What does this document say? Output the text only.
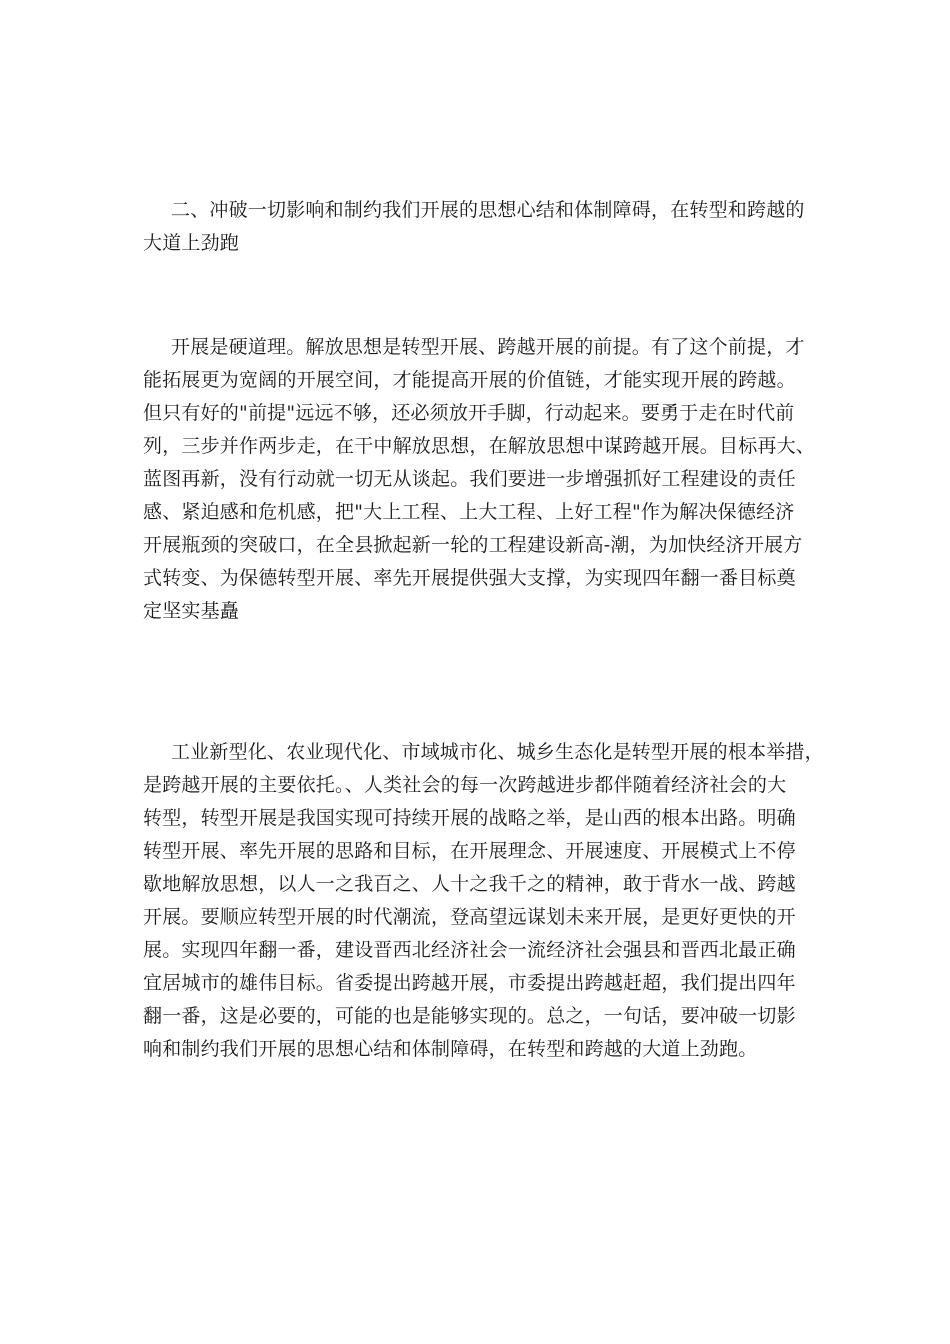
二、冲破一切影响和制约我们开展的思想心结和体制障碍，在转型和跨越的
大道上劲跑
开展是硬道理。解放思想是转型开展、跨越开展的前提。有了这个前提，才
能拓展更为宽阔的开展空间，才能提高开展的价值链，才能实现开展的跨越。
但只有好的"前提"远远不够，还必须放开手脚，行动起来。要勇于走在时代前
列，三步并作两步走，在干中解放思想，在解放思想中谋跨越开展。目标再大、
蓝图再新，没有行动就一切无从谈起。我们要进一步增强抓好工程建设的责任
感、紧迫感和危机感，把"大上工程、上大工程、上好工程"作为解决保德经济
开展瓶颈的突破口，在全县掀起新一轮的工程建设新高-潮，为加快经济开展方
式转变、为保德转型开展、率先开展提供强大支撑，为实现四年翻一番目标奠
定坚实基矗
工业新型化、农业现代化、市域城市化、城乡生态化是转型开展的根本举措，
是跨越开展的主要依托。、人类社会的每一次跨越进步都伴随着经济社会的大
转型，转型开展是我国实现可持续开展的战略之举，是山西的根本出路。明确
转型开展、率先开展的思路和目标，在开展理念、开展速度、开展模式上不停
歇地解放思想，以人一之我百之、人十之我千之的精神，敢于背水一战、跨越
开展。要顺应转型开展的时代潮流，登高望远谋划未来开展，是更好更快的开
展。实现四年翻一番，建设晋西北经济社会一流经济社会强县和晋西北最正确
宜居城市的雄伟目标。省委提出跨越开展，市委提出跨越赶超，我们提出四年
翻一番，这是必要的，可能的也是能够实现的。总之，一句话，要冲破一切影
响和制约我们开展的思想心结和体制障碍，在转型和跨越的大道上劲跑。
